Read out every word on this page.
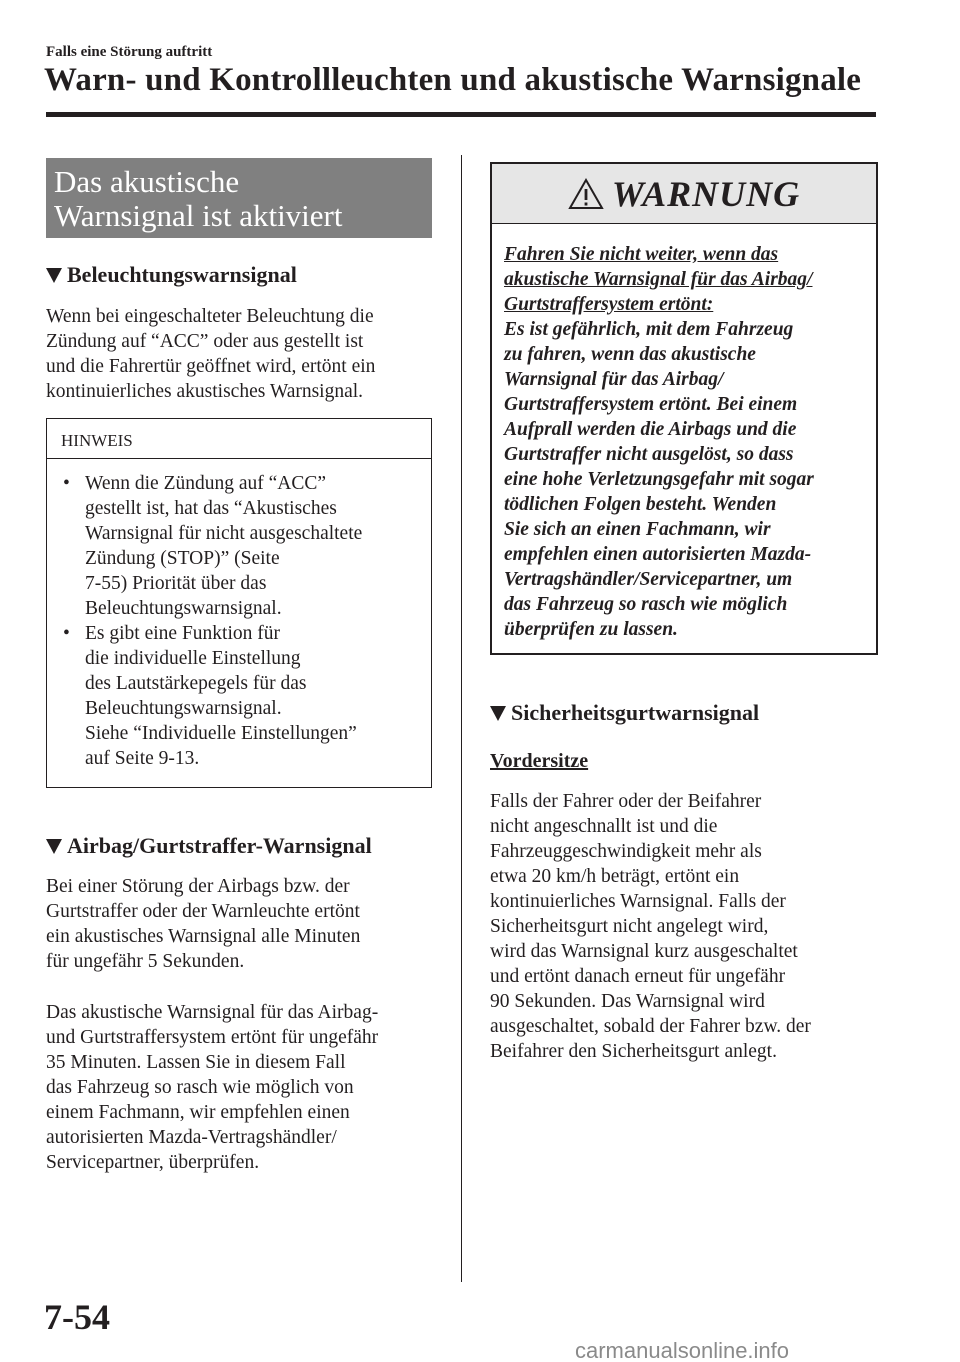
Falls eine Störung auftritt
Warn- und Kontrollleuchten und akustische Warnsignale
Das akustische
Warnsignal ist aktiviert
Beleuchtungswarnsignal
Wenn bei eingeschalteter Beleuchtung die
Zündung auf “ACC” oder aus gestellt ist
und die Fahrertür geöffnet wird, ertönt ein
kontinuierliches akustisches Warnsignal.
HINWEIS
• Wenn die Zündung auf “ACC”
gestellt ist, hat das “Akustisches
Warnsignal für nicht ausgeschaltete
Zündung (STOP)” (Seite
7-55) Priorität über das
Beleuchtungswarnsignal.
• Es gibt eine Funktion für
die individuelle Einstellung
des Lautstärkepegels für das
Beleuchtungswarnsignal.
Siehe “Individuelle Einstellungen”
auf Seite 9-13.
Airbag/Gurtstraffer-Warnsignal
Bei einer Störung der Airbags bzw. der
Gurtstraffer oder der Warnleuchte ertönt
ein akustisches Warnsignal alle Minuten
für ungefähr 5 Sekunden.
Das akustische Warnsignal für das Airbag-
und Gurtstraffersystem ertönt für ungefähr
35 Minuten. Lassen Sie in diesem Fall
das Fahrzeug so rasch wie möglich von
einem Fachmann, wir empfehlen einen
autorisierten Mazda-Vertragshändler/
Servicepartner, überprüfen.
WARNUNG
Fahren Sie nicht weiter, wenn das
akustische Warnsignal für das Airbag/
Gurtstraffersystem ertönt:
Es ist gefährlich, mit dem Fahrzeug
zu fahren, wenn das akustische
Warnsignal für das Airbag/
Gurtstraffersystem ertönt. Bei einem
Aufprall werden die Airbags und die
Gurtstraffer nicht ausgelöst, so dass
eine hohe Verletzungsgefahr mit sogar
tödlichen Folgen besteht. Wenden
Sie sich an einen Fachmann, wir
empfehlen einen autorisierten Mazda-
Vertragshändler/Servicepartner, um
das Fahrzeug so rasch wie möglich
überprüfen zu lassen.
Sicherheitsgurtwarnsignal
Vordersitze
Falls der Fahrer oder der Beifahrer
nicht angeschnallt ist und die
Fahrzeuggeschwindigkeit mehr als
etwa 20 km/h beträgt, ertönt ein
kontinuierliches Warnsignal. Falls der
Sicherheitsgurt nicht angelegt wird,
wird das Warnsignal kurz ausgeschaltet
und ertönt danach erneut für ungefähr
90 Sekunden. Das Warnsignal wird
ausgeschaltet, sobald der Fahrer bzw. der
Beifahrer den Sicherheitsgurt anlegt.
7-54
carmanualsonline.info
